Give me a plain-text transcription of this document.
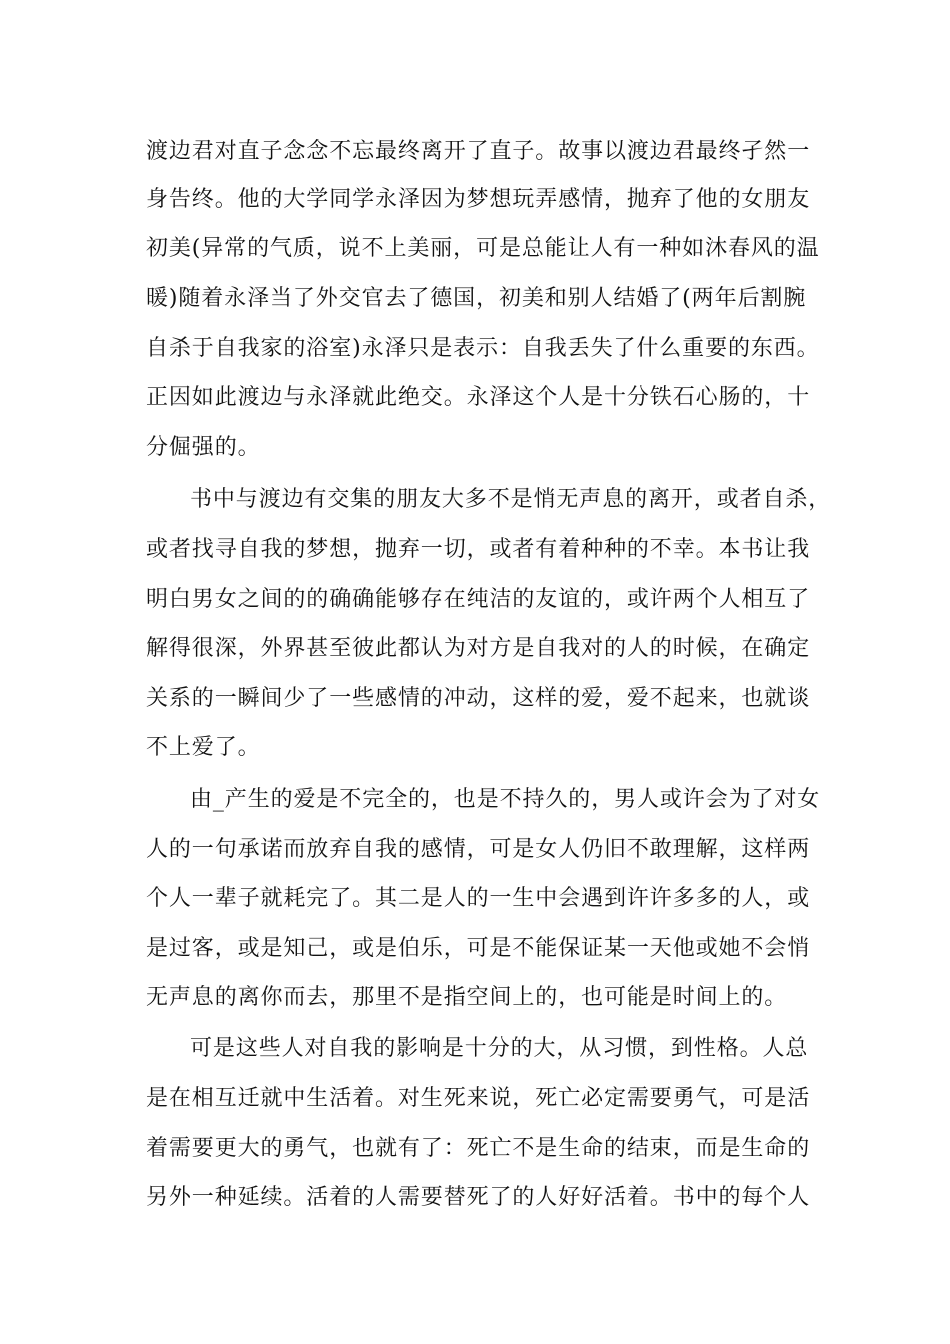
渡边君对直子念念不忘最终离开了直子。故事以渡边君最终孑然一
身告终。他的大学同学永泽因为梦想玩弄感情，抛弃了他的女朋友
初美(异常的气质，说不上美丽，可是总能让人有一种如沐春风的温
暖)随着永泽当了外交官去了德国，初美和别人结婚了(两年后割腕
自杀于自我家的浴室)永泽只是表示：自我丢失了什么重要的东西。
正因如此渡边与永泽就此绝交。永泽这个人是十分铁石心肠的，十
分倔强的。
书中与渡边有交集的朋友大多不是悄无声息的离开，或者自杀，
或者找寻自我的梦想，抛弃一切，或者有着种种的不幸。本书让我
明白男女之间的的确确能够存在纯洁的友谊的，或许两个人相互了
解得很深，外界甚至彼此都认为对方是自我对的人的时候，在确定
关系的一瞬间少了一些感情的冲动，这样的爱，爱不起来，也就谈
不上爱了。
由_产生的爱是不完全的，也是不持久的，男人或许会为了对女
人的一句承诺而放弃自我的感情，可是女人仍旧不敢理解，这样两
个人一辈子就耗完了。其二是人的一生中会遇到许许多多的人，或
是过客，或是知己，或是伯乐，可是不能保证某一天他或她不会悄
无声息的离你而去，那里不是指空间上的，也可能是时间上的。
可是这些人对自我的影响是十分的大，从习惯，到性格。人总
是在相互迁就中生活着。对生死来说，死亡必定需要勇气，可是活
着需要更大的勇气，也就有了：死亡不是生命的结束，而是生命的
另外一种延续。活着的人需要替死了的人好好活着。书中的每个人
